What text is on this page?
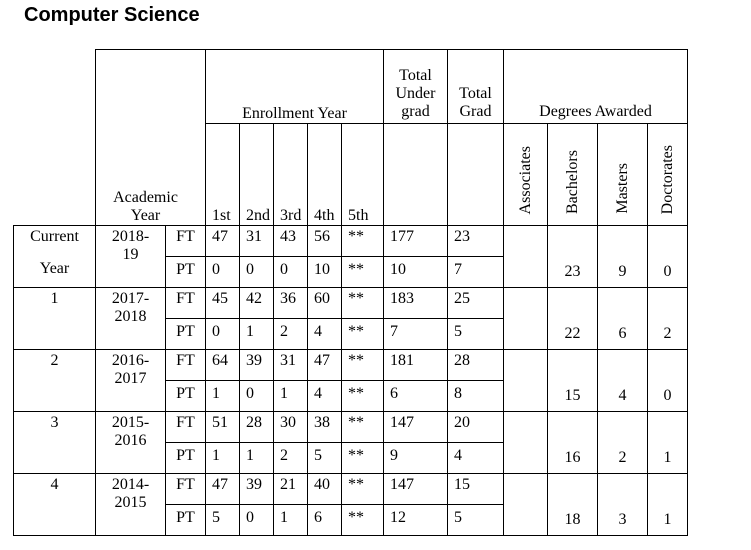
Computer Science
			Enrollment Year					Total Under grad	Total Grad	Degrees Awarded			
	Academic Year		1st	2nd	3rd	4th	5th			Associates	Bachelors	Masters	Doctorates

Current
Year	2018-19	FT	47	31	43	56	**	177	23		23	9	0
		PT	0	0	0	10	**	10	7				

1	2017-2018	FT	45	42	36	60	**	183	25		22	6	2
		PT	0	1	2	4	**	7	5				

2	2016-2017	FT	64	39	31	47	**	181	28		15	4	0
		PT	1	0	1	4	**	6	8				

3	2015-2016	FT	51	28	30	38	**	147	20		16	2	1
		PT	1	1	2	5	**	9	4				

4	2014-2015	FT	47	39	21	40	**	147	15		18	3	1
		PT	5	0	1	6	**	12	5				
